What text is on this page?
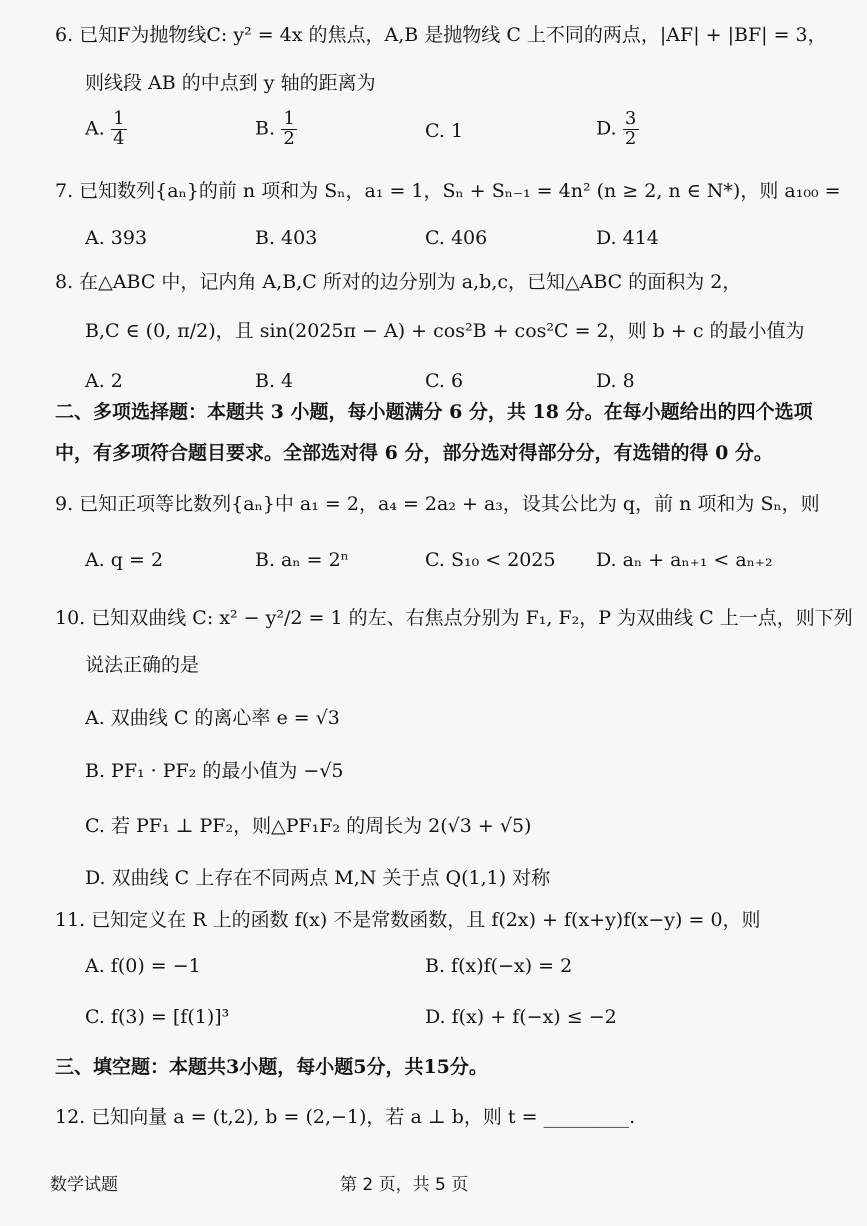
6. 已知F为抛物线C: y² = 4x 的焦点，A,B 是抛物线 C 上不同的两点，|AF| + |BF| = 3，
则线段 AB 的中点到 y 轴的距离为
A. $\frac{1}{4}$	B. $\frac{1}{2}$	C. 1	D. $\frac{3}{2}$
7. 已知数列{aₙ}的前 n 项和为 Sₙ，a₁ = 1，Sₙ + Sₙ₋₁ = 4n² (n ≥ 2, n ∈ N*)，则 a₁₀₀ =
A. 393	B. 403	C. 406	D. 414
8. 在△ABC 中，记内角 A,B,C 所对的边分别为 a,b,c，已知△ABC 的面积为 2，
B,C ∈ (0, π/2)，且 sin(2025π − A) + cos²B + cos²C = 2，则 b + c 的最小值为
A. 2	B. 4	C. 6	D. 8
二、多项选择题：本题共 3 小题，每小题满分 6 分，共 18 分。在每小题给出的四个选项
中，有多项符合题目要求。全部选对得 6 分，部分选对得部分分，有选错的得 0 分。
9. 已知正项等比数列{aₙ}中 a₁ = 2，a₄ = 2a₂ + a₃，设其公比为 q，前 n 项和为 Sₙ，则
A. q = 2	B. aₙ = 2ⁿ	C. S₁₀ < 2025 D. aₙ + aₙ₊₁ < aₙ₊₂
10. 已知双曲线 C: x² − y²/2 = 1 的左、右焦点分别为 F₁, F₂，P 为双曲线 C 上一点，则下列
说法正确的是
A. 双曲线 C 的离心率 e = √3
B. PF₁ · PF₂ 的最小值为 −√5
C. 若 PF₁ ⊥ PF₂，则△PF₁F₂ 的周长为 2(√3 + √5)
D. 双曲线 C 上存在不同两点 M,N 关于点 Q(1,1) 对称
11. 已知定义在 R 上的函数 f(x) 不是常数函数，且 f(2x) + f(x+y)f(x−y) = 0，则
A. f(0) = −1	B. f(x)f(−x) = 2
C. f(3) = [f(1)]³	D. f(x) + f(−x) ≤ −2
三、填空题：本题共3小题，每小题5分，共15分。
12. 已知向量 a = (t,2), b = (2,−1)，若 a ⊥ b，则 t = _________.
数学试题	第 2 页，共 5 页
